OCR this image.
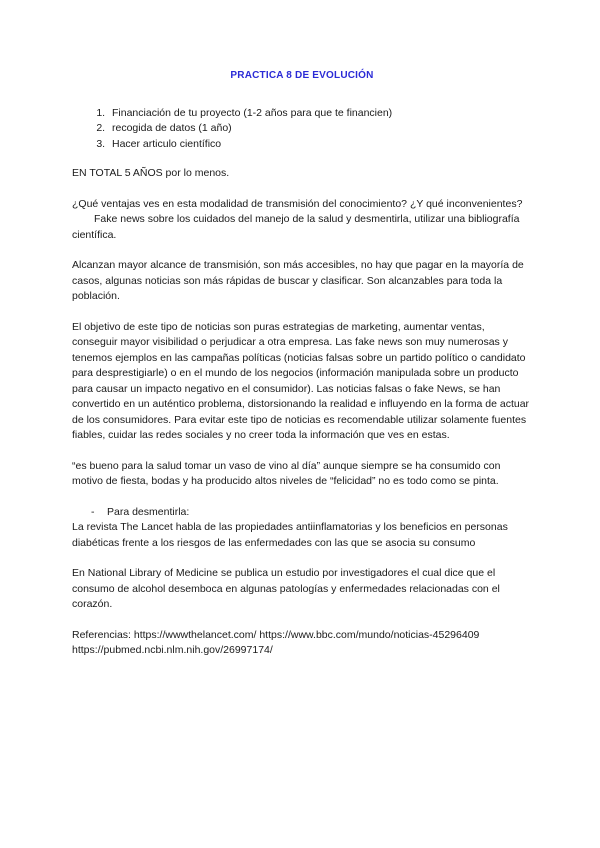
PRACTICA 8 DE EVOLUCIÓN
1. Financiación de tu proyecto (1-2 años para que te financien)
2. recogida de datos (1 año)
3. Hacer articulo científico

EN TOTAL 5 AÑOS por lo menos.

¿Qué ventajas ves en esta modalidad de transmisión del conocimiento? ¿Y qué inconvenientes?Fake news sobre los cuidados del manejo de la salud y desmentirla, utilizar una bibliografía científica.

Alcanzan mayor alcance de transmisión, son más accesibles, no hay que pagar en la mayoría de casos, algunas noticias son más rápidas de buscar y clasificar. Son alcanzables para toda la población.

El objetivo de este tipo de noticias son puras estrategias de marketing, aumentar ventas, conseguir mayor visibilidad o perjudicar a otra empresa. Las fake news son muy numerosas y tenemos ejemplos en las campañas políticas (noticias falsas sobre un partido político o candidato para desprestigiarle) o en el mundo de los negocios (información manipulada sobre un producto para causar un impacto negativo en el consumidor). Las noticias falsas o fake News, se han convertido en un auténtico problema, distorsionando la realidad e influyendo en la forma de actuar de los consumidores. Para evitar este tipo de noticias es recomendable utilizar solamente fuentes fiables, cuidar las redes sociales y no creer toda la información que ves en estas.

“es bueno para la salud tomar un vaso de vino al día” aunque siempre se ha consumido con motivo de fiesta, bodas y ha producido altos niveles de “felicidad” no es todo como se pinta.

- Para desmentirla:

La revista The Lancet habla de las propiedades antiinflamatorias y los beneficios en personas diabéticas frente a los riesgos de las enfermedades con las que se asocia su consumo

En National Library of Medicine se publica un estudio por investigadores el cual dice que el consumo de alcohol desemboca en algunas patologías y enfermedades relacionadas con el corazón.

Referencias: https://wwwthelancet.com/ https://www.bbc.com/mundo/noticias-45296409
https://pubmed.ncbi.nlm.nih.gov/26997174/
